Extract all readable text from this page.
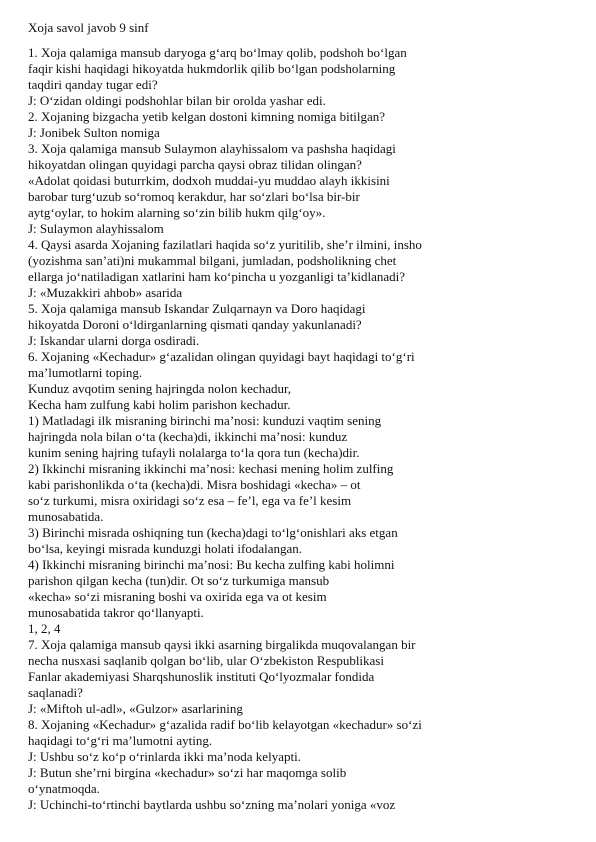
Xoja savol javob 9 sinf
1. Xoja qalamiga mansub daryoga g‘arq bo‘lmay qolib, podshoh bo‘lgan
faqir kishi haqidagi hikoyatda hukmdorlik qilib bo‘lgan podsholarning
taqdiri qanday tugar edi?
J: O‘zidan oldingi podshohlar bilan bir orolda yashar edi.
2. Xojaning bizgacha yetib kelgan dostoni kimning nomiga bitilgan?
J: Jonibek Sulton nomiga
3. Xoja qalamiga mansub Sulaymon alayhissalom va pashsha haqidagi
hikoyatdan olingan quyidagi parcha qaysi obraz tilidan olingan?
«Adolat qoidasi buturrkim, dodxoh muddai-yu muddao alayh ikkisini
barobar turg‘uzub so‘romoq kerakdur, har so‘zlari bo‘lsa bir-bir
aytg‘oylar, to hokim alarning so‘zin bilib hukm qilg‘oy».
J: Sulaymon alayhissalom
4. Qaysi asarda Xojaning fazilatlari haqida so‘z yuritilib, she’r ilmini, insho
(yozishma san’ati)ni mukammal bilgani, jumladan, podsholikning chet
ellarga jo‘natiladigan xatlarini ham ko‘pincha u yozganligi ta’kidlanadi?
J: «Muzakkiri ahbob» asarida
5. Xoja qalamiga mansub Iskandar Zulqarnayn va Doro haqidagi
hikoyatda Doroni o‘ldirganlarning qismati qanday yakunlanadi?
J: Iskandar ularni dorga osdiradi.
6. Xojaning «Kechadur» g‘azalidan olingan quyidagi bayt haqidagi to‘g‘ri
ma’lumotlarni toping.
Kunduz avqotim sening hajringda nolon kechadur,
Kecha ham zulfung kabi holim parishon kechadur.
1) Matladagi ilk misraning birinchi ma’nosi: kunduzi vaqtim sening
hajringda nola bilan o‘ta (kecha)di, ikkinchi ma’nosi: kunduz
kunim sening hajring tufayli nolalarga to‘la qora tun (kecha)dir.
2) Ikkinchi misraning ikkinchi ma’nosi: kechasi mening holim zulfing
kabi parishonlikda o‘ta (kecha)di. Misra boshidagi «kecha» – ot
so‘z turkumi, misra oxiridagi so‘z esa – fe’l, ega va fe’l kesim
munosabatida.
3) Birinchi misrada oshiqning tun (kecha)dagi to‘lg‘onishlari aks etgan
bo‘lsa, keyingi misrada kunduzgi holati ifodalangan.
4) Ikkinchi misraning birinchi ma’nosi: Bu kecha zulfing kabi holimni
parishon qilgan kecha (tun)dir. Ot so‘z turkumiga mansub
«kecha» so‘zi misraning boshi va oxirida ega va ot kesim
munosabatida takror qo‘llanyapti.
1, 2, 4
7. Xoja qalamiga mansub qaysi ikki asarning birgalikda muqovalangan bir
necha nusxasi saqlanib qolgan bo‘lib, ular O‘zbekiston Respublikasi
Fanlar akademiyasi Sharqshunoslik instituti Qo‘lyozmalar fondida
saqlanadi?
J: «Miftoh ul-adl», «Gulzor» asarlarining
8. Xojaning «Kechadur» g‘azalida radif bo‘lib kelayotgan «kechadur» so‘zi
haqidagi to‘g‘ri ma’lumotni ayting.
J: Ushbu so‘z ko‘p o‘rinlarda ikki ma’noda kelyapti.
J: Butun she’rni birgina «kechadur» so‘zi har maqomga solib
o‘ynatmoqda.
J: Uchinchi-to‘rtinchi baytlarda ushbu so‘zning ma’nolari yoniga «voz
